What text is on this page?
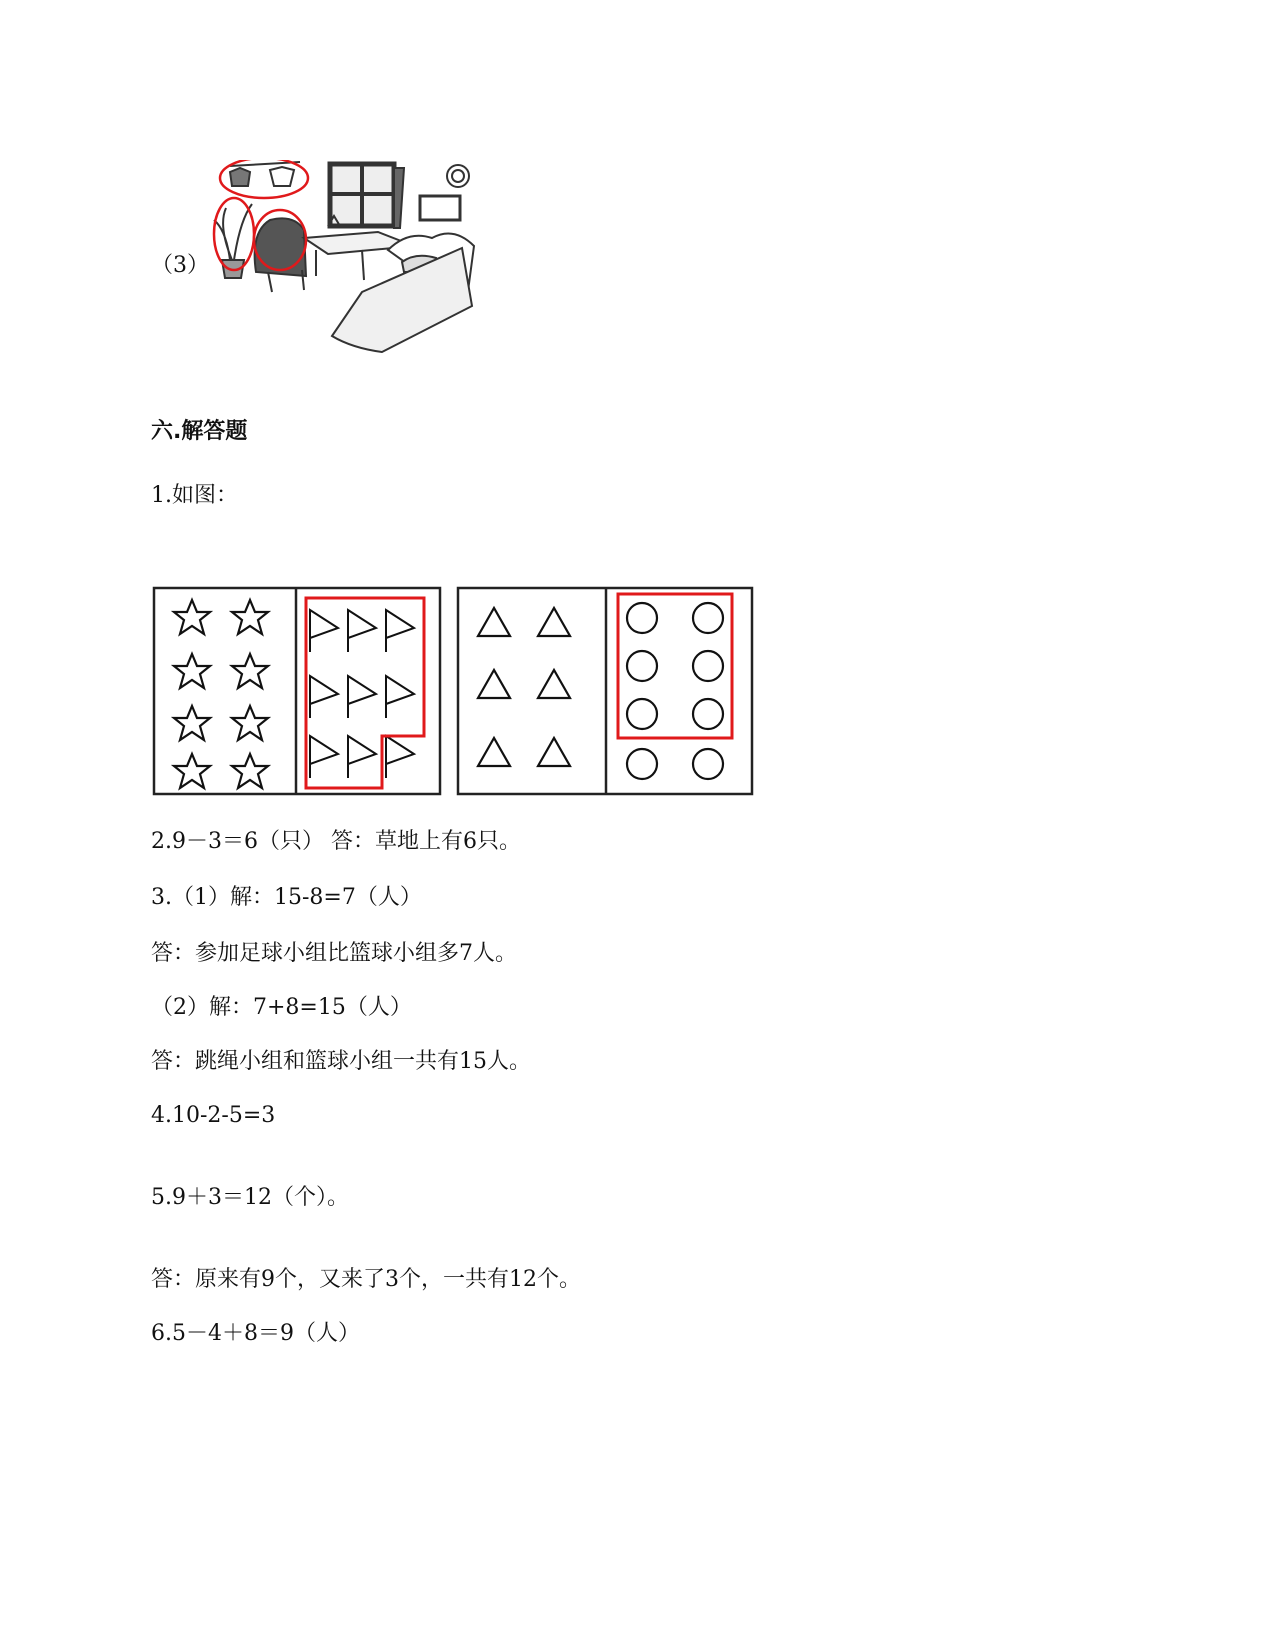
（3）
六.解答题
1.如图：
2.9－3＝6（只） 答：草地上有6只。
3.（1）解：15-8=7（人）
答：参加足球小组比篮球小组多7人。
（2）解：7+8=15（人）
答：跳绳小组和篮球小组一共有15人。
4.10-2-5=3
5.9＋3＝12（个）。
答：原来有9个，又来了3个，一共有12个。
6.5－4＋8＝9（人）
